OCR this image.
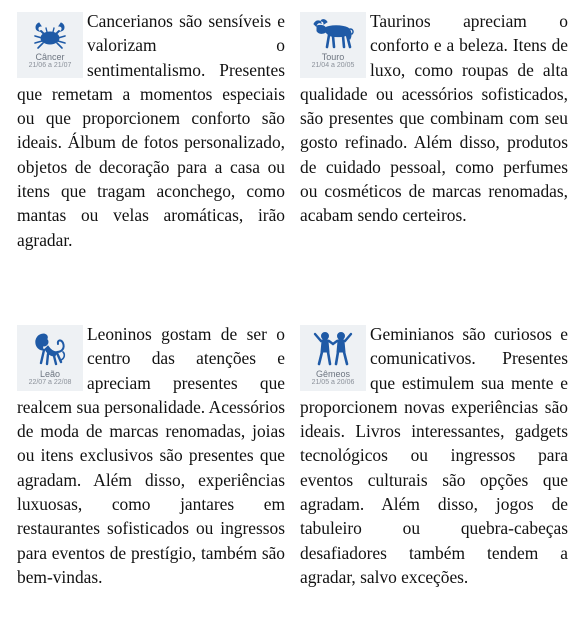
Câncer
21/06 a 21/07

Cancerianos são sensíveis e valorizam o sentimentalismo. Presentes que remetam a momentos especiais ou que proporcionem conforto são ideais. Álbum de fotos personalizado, objetos de decoração para a casa ou itens que tragam aconchego, como mantas ou velas aromáticas, irão agradar.

Touro
21/04 a 20/05

Taurinos apreciam o conforto e a beleza. Itens de luxo, como roupas de alta qualidade ou acessórios sofisticados, são presentes que combinam com seu gosto refinado. Além disso, produtos de cuidado pessoal, como perfumes ou cosméticos de marcas renomadas, acabam sendo certeiros.

Leão
22/07 a 22/08

Leoninos gostam de ser o centro das atenções e apreciam presentes que realcem sua personalidade. Acessórios de moda de marcas renomadas, joias ou itens exclusivos são presentes que agradam. Além disso, experiências luxuosas, como jantares em restaurantes sofisticados ou ingressos para eventos de prestígio, também são bem-vindas.

Gêmeos
21/05 a 20/06

Geminianos são curiosos e comunicativos. Presentes que estimulem sua mente e proporcionem novas experiências são ideais. Livros interessantes, gadgets tecnológicos ou ingressos para eventos culturais são opções que agradam. Além disso, jogos de tabuleiro ou quebra-cabeças desafiadores também tendem a agradar, salvo exceções.
